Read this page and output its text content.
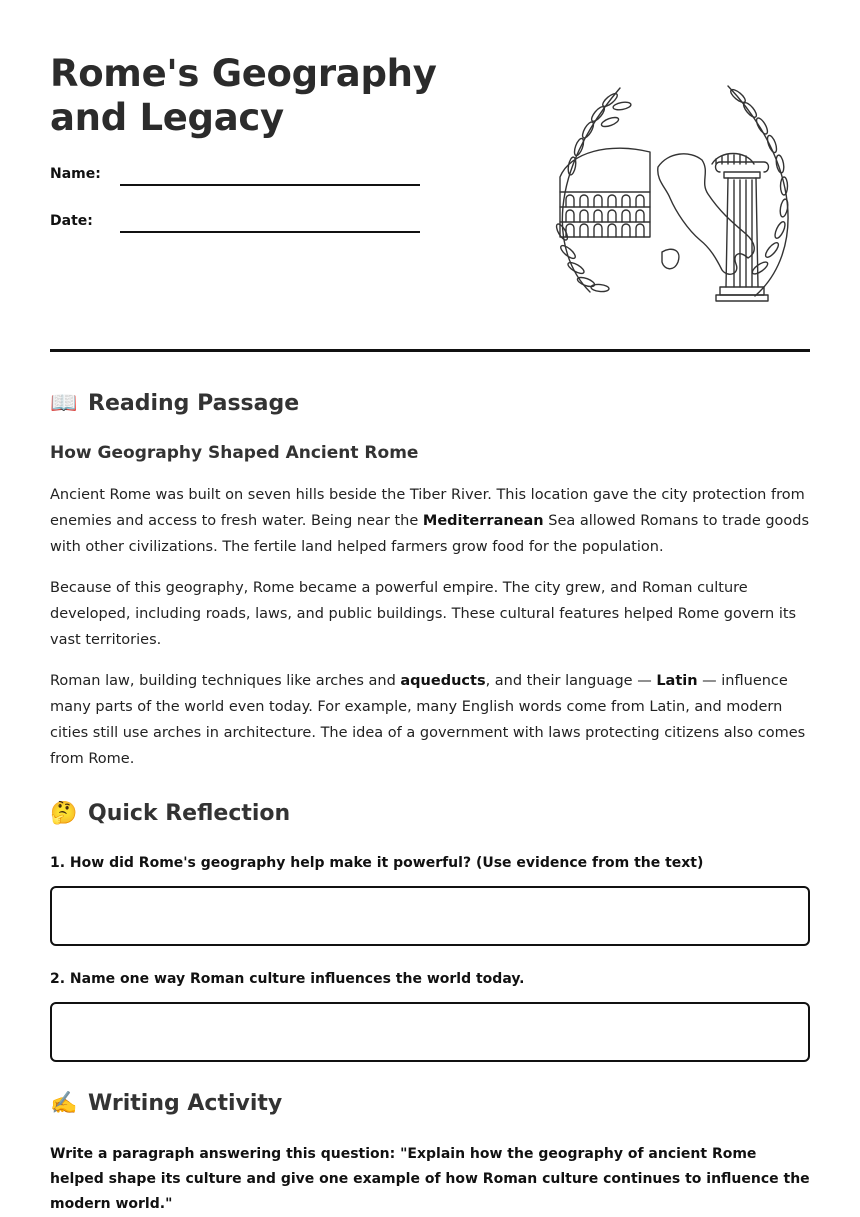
Rome's Geography and Legacy
Name:
Date:
📖 Reading Passage
How Geography Shaped Ancient Rome

Ancient Rome was built on seven hills beside the Tiber River. This location gave the city protection from enemies and access to fresh water. Being near the Mediterranean Sea allowed Romans to trade goods with other civilizations. The fertile land helped farmers grow food for the population.

Because of this geography, Rome became a powerful empire. The city grew, and Roman culture developed, including roads, laws, and public buildings. These cultural features helped Rome govern its vast territories.

Roman law, building techniques like arches and aqueducts, and their language — Latin — influence many parts of the world even today. For example, many English words come from Latin, and modern cities still use arches in architecture. The idea of a government with laws protecting citizens also comes from Rome.

🤔 Quick Reflection

1. How did Rome's geography help make it powerful? (Use evidence from the text)

2. Name one way Roman culture influences the world today.

✍️ Writing Activity

Write a paragraph answering this question: "Explain how the geography of ancient Rome helped shape its culture and give one example of how Roman culture continues to influence the modern world."
